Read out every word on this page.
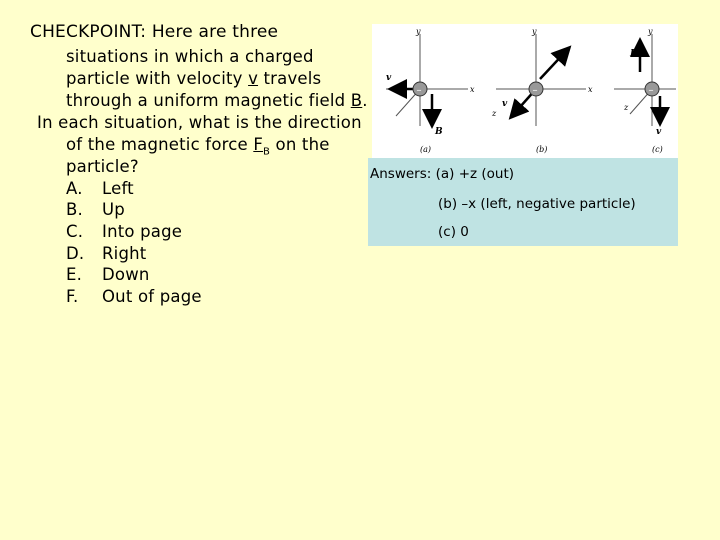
CHECKPOINT: Here are three
situations in which a charged
particle with velocity v travels
through a uniform magnetic field B.
In each situation, what is the direction
of the magnetic force $F_B$ on the
particle?
A. Left
B. Up
C. Into page
D. Right
E. Down
F. Out of page
y
x
v
B
–
(a)
y
x
z
v
B
–
(b)
y
z
B
v
–
(c)
Answers: (a) +z (out)
(b) –x (left, negative particle)
(c) 0
